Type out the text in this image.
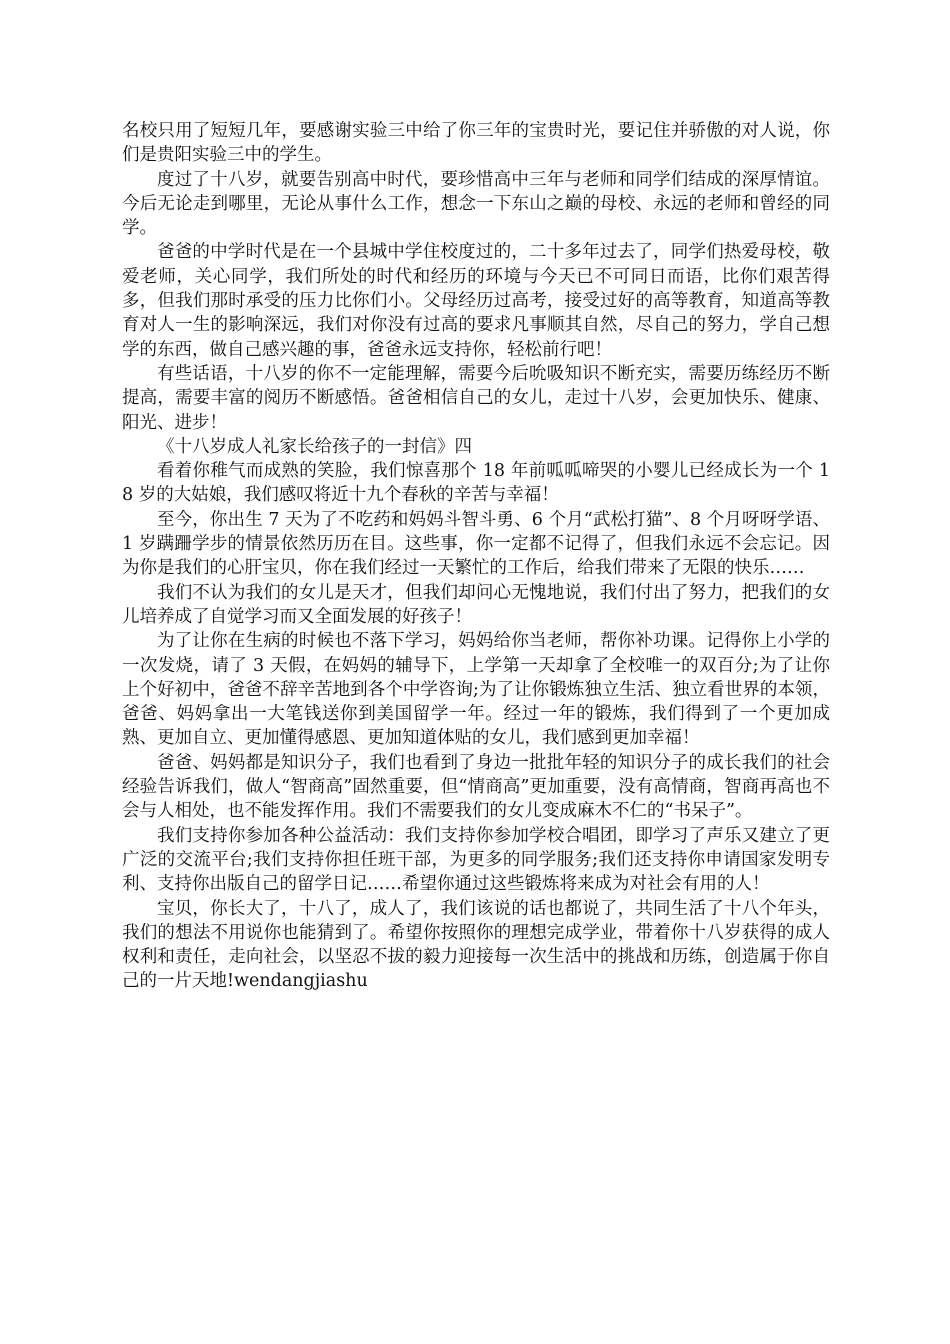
名校只用了短短几年，要感谢实验三中给了你三年的宝贵时光，要记住并骄傲的对人说，你们是贵阳实验三中的学生。

度过了十八岁，就要告别高中时代，要珍惜高中三年与老师和同学们结成的深厚情谊。今后无论走到哪里，无论从事什么工作，想念一下东山之巅的母校、永远的老师和曾经的同学。

爸爸的中学时代是在一个县城中学住校度过的，二十多年过去了，同学们热爱母校，敬爱老师，关心同学，我们所处的时代和经历的环境与今天已不可同日而语，比你们艰苦得多，但我们那时承受的压力比你们小。父母经历过高考，接受过好的高等教育，知道高等教育对人一生的影响深远，我们对你没有过高的要求凡事顺其自然，尽自己的努力，学自己想学的东西，做自己感兴趣的事，爸爸永远支持你，轻松前行吧！

有些话语，十八岁的你不一定能理解，需要今后吮吸知识不断充实，需要历练经历不断提高，需要丰富的阅历不断感悟。爸爸相信自己的女儿，走过十八岁，会更加快乐、健康、阳光、进步！

《十八岁成人礼家长给孩子的一封信》四

看着你稚气而成熟的笑脸，我们惊喜那个 18 年前呱呱啼哭的小婴儿已经成长为一个 18 岁的大姑娘，我们感叹将近十九个春秋的辛苦与幸福！

至今，你出生 7 天为了不吃药和妈妈斗智斗勇、6 个月“武松打猫”、8 个月呀呀学语、1 岁蹒跚学步的情景依然历历在目。这些事，你一定都不记得了，但我们永远不会忘记。因为你是我们的心肝宝贝，你在我们经过一天繁忙的工作后，给我们带来了无限的快乐……

我们不认为我们的女儿是天才，但我们却问心无愧地说，我们付出了努力，把我们的女儿培养成了自觉学习而又全面发展的好孩子！

为了让你在生病的时候也不落下学习，妈妈给你当老师，帮你补功课。记得你上小学的一次发烧，请了 3 天假，在妈妈的辅导下，上学第一天却拿了全校唯一的双百分;为了让你上个好初中，爸爸不辞辛苦地到各个中学咨询;为了让你锻炼独立生活、独立看世界的本领，爸爸、妈妈拿出一大笔钱送你到美国留学一年。经过一年的锻炼，我们得到了一个更加成熟、更加自立、更加懂得感恩、更加知道体贴的女儿，我们感到更加幸福！

爸爸、妈妈都是知识分子，我们也看到了身边一批批年轻的知识分子的成长我们的社会经验告诉我们，做人“智商高”固然重要，但“情商高”更加重要，没有高情商，智商再高也不会与人相处，也不能发挥作用。我们不需要我们的女儿变成麻木不仁的“书呆子”。

我们支持你参加各种公益活动：我们支持你参加学校合唱团，即学习了声乐又建立了更广泛的交流平台;我们支持你担任班干部，为更多的同学服务;我们还支持你申请国家发明专利、支持你出版自己的留学日记……希望你通过这些锻炼将来成为对社会有用的人！

宝贝，你长大了，十八了，成人了，我们该说的话也都说了，共同生活了十八个年头，我们的想法不用说你也能猜到了。希望你按照你的理想完成学业，带着你十八岁获得的成人权利和责任，走向社会，以坚忍不拔的毅力迎接每一次生活中的挑战和历练，创造属于你自己的一片天地!wendangjiashu
